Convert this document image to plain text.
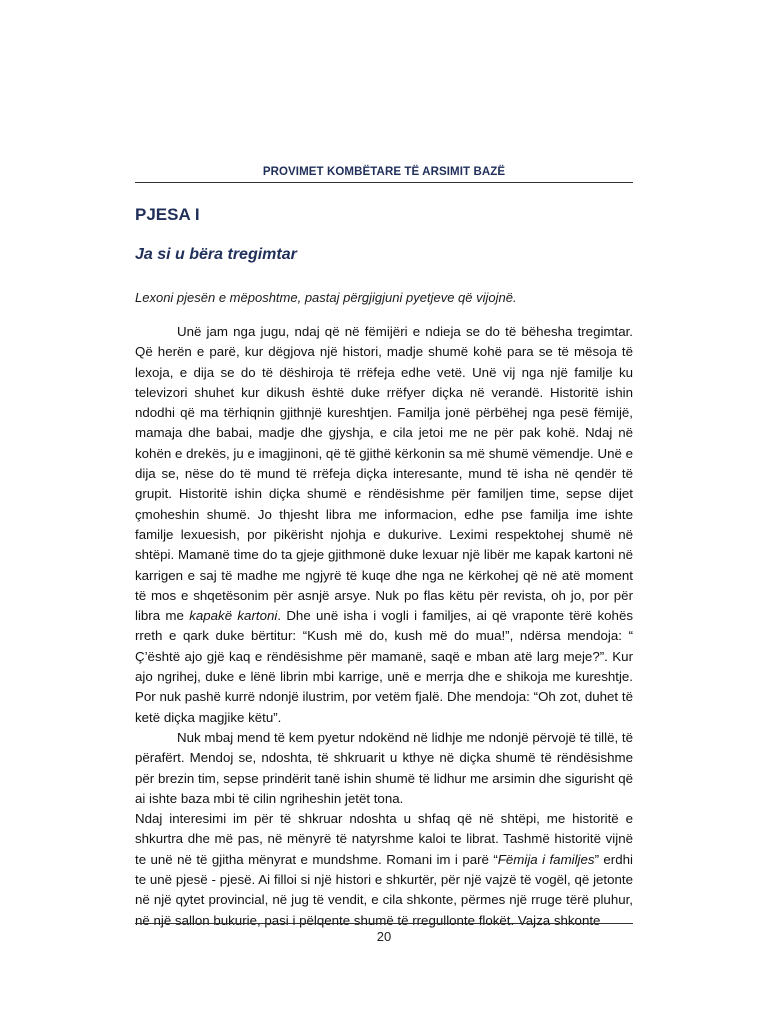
PROVIMET KOMBËTARE TË ARSIMIT BAZË
PJESA I
Ja si u bëra tregimtar
Lexoni pjesën e mëposhtme, pastaj përgjigjuni pyetjeve që vijojnë.

Unë jam nga jugu, ndaj që në fëmijëri e ndieja se do të bëhesha tregimtar. Që herën e parë, kur dëgjova një histori, madje shumë kohë para se të mësoja të lexoja, e dija se do të dëshiroja të rrëfeja edhe vetë. Unë vij nga një familje ku televizori shuhet kur dikush është duke rrëfyer diçka në verandë. Historitë ishin ndodhi që ma tërhiqnin gjithnjë kureshtjen. Familja jonë përbëhej nga pesë fëmijë, mamaja dhe babai, madje dhe gjyshja, e cila jetoi me ne për pak kohë. Ndaj në kohën e drekës, ju e imagjinoni, që të gjithë kërkonin sa më shumë vëmendje. Unë e dija se, nëse do të mund të rrëfeja diçka interesante, mund të isha në qendër të grupit. Historitë ishin diçka shumë e rëndësishme për familjen time, sepse dijet çmoheshin shumë. Jo thjesht libra me informacion, edhe pse familja ime ishte familje lexuesish, por pikërisht njohja e dukurive. Leximi respektohej shumë në shtëpi. Mamanë time do ta gjeje gjithmonë duke lexuar një libër me kapak kartoni në karrigen e saj të madhe me ngjyrë të kuqe dhe nga ne kërkohej që në atë moment të mos e shqetësonim për asnjë arsye. Nuk po flas këtu për revista, oh jo, por për libra me kapakë kartoni. Dhe unë isha i vogli i familjes, ai që vraponte tërë kohës rreth e qark duke bërtitur: “Kush më do, kush më do mua!”, ndërsa mendoja: “ Ç’është ajo gjë kaq e rëndësishme për mamanë, saqë e mban atë larg meje?”. Kur ajo ngrihej, duke e lënë librin mbi karrige, unë e merrja dhe e shikoja me kureshtje. Por nuk pashë kurrë ndonjë ilustrim, por vetëm fjalë. Dhe mendoja: “Oh zot, duhet të ketë diçka magjike këtu”.

Nuk mbaj mend të kem pyetur ndokënd në lidhje me ndonjë përvojë të tillë, të përafërt. Mendoj se, ndoshta, të shkruarit u kthye në diçka shumë të rëndësishme për brezin tim, sepse prindërit tanë ishin shumë të lidhur me arsimin dhe sigurisht që ai ishte baza mbi të cilin ngriheshin jetët tona.

Ndaj interesimi im për të shkruar ndoshta u shfaq që në shtëpi, me historitë e shkurtra dhe më pas, në mënyrë të natyrshme kaloi te librat. Tashmë historitë vijnë te unë në të gjitha mënyrat e mundshme. Romani im i parë “Fëmija i familjes” erdhi te unë pjesë - pjesë. Ai filloi si një histori e shkurtër, për një vajzë të vogël, që jetonte në një qytet provincial, në jug të vendit, e cila shkonte, përmes një rruge tërë pluhur, në një sallon bukurie, pasi i pëlqente shumë të rregullonte flokët. Vajza shkonte

20
